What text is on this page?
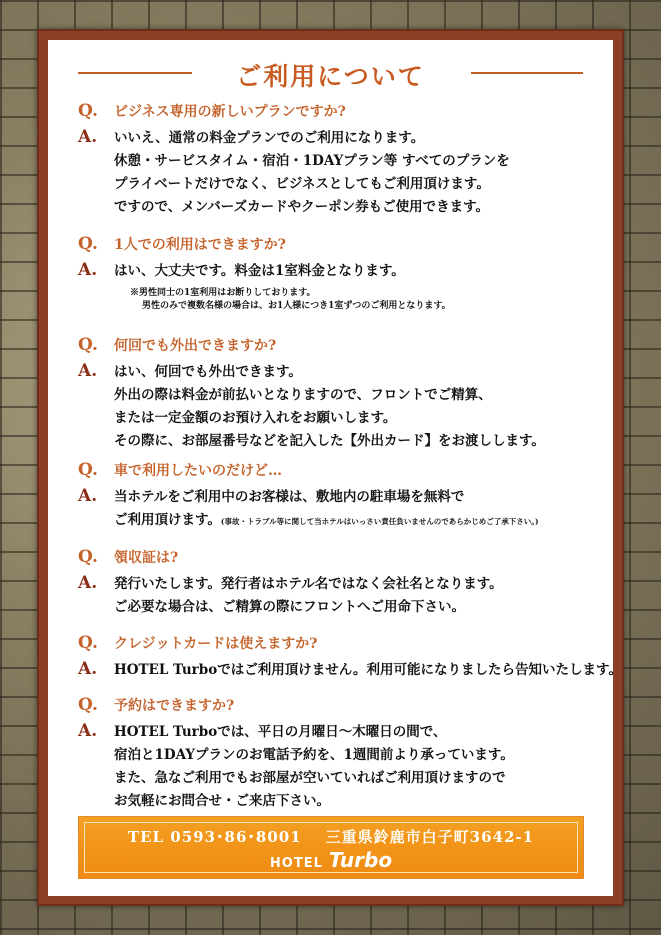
ご利用について
Q. ビジネス専用の新しいプランですか?
A. いいえ、通常の料金プランでのご利用になります。
休憩・サービスタイム・宿泊・1DAYプラン等 すべてのプランを
プライベートだけでなく、ビジネスとしてもご利用頂けます。
ですので、メンバーズカードやクーポン券もご使用できます。
Q. 1人での利用はできますか?
A. はい、大丈夫です。料金は1室料金となります。
※男性同士の1室利用はお断りしております。
男性のみで複数名様の場合は、お1人様につき1室ずつのご利用となります。
Q. 何回でも外出できますか?
A. はい、何回でも外出できます。
外出の際は料金が前払いとなりますので、フロントでご精算、
または一定金額のお預け入れをお願いします。
その際に、お部屋番号などを記入した【外出カード】をお渡しします。
Q. 車で利用したいのだけど…
A. 当ホテルをご利用中のお客様は、敷地内の駐車場を無料で
ご利用頂けます。(事故・トラブル等に関して当ホテルはいっさい責任負いませんのであらかじめご了承下さい。)
Q. 領収証は?
A. 発行いたします。発行者はホテル名ではなく会社名となります。
ご必要な場合は、ご精算の際にフロントへご用命下さい。
Q. クレジットカードは使えますか?
A. HOTEL Turboではご利用頂けません。利用可能になりましたら告知いたします。
Q. 予約はできますか?
A. HOTEL Turboでは、平日の月曜日～木曜日の間で、
宿泊と1DAYプランのお電話予約を、1週間前より承っています。
また、急なご利用でもお部屋が空いていればご利用頂けますので
お気軽にお問合せ・ご来店下さい。
TEL 0593･86･8001 三重県鈴鹿市白子町3642-1
HOTEL Turbo
